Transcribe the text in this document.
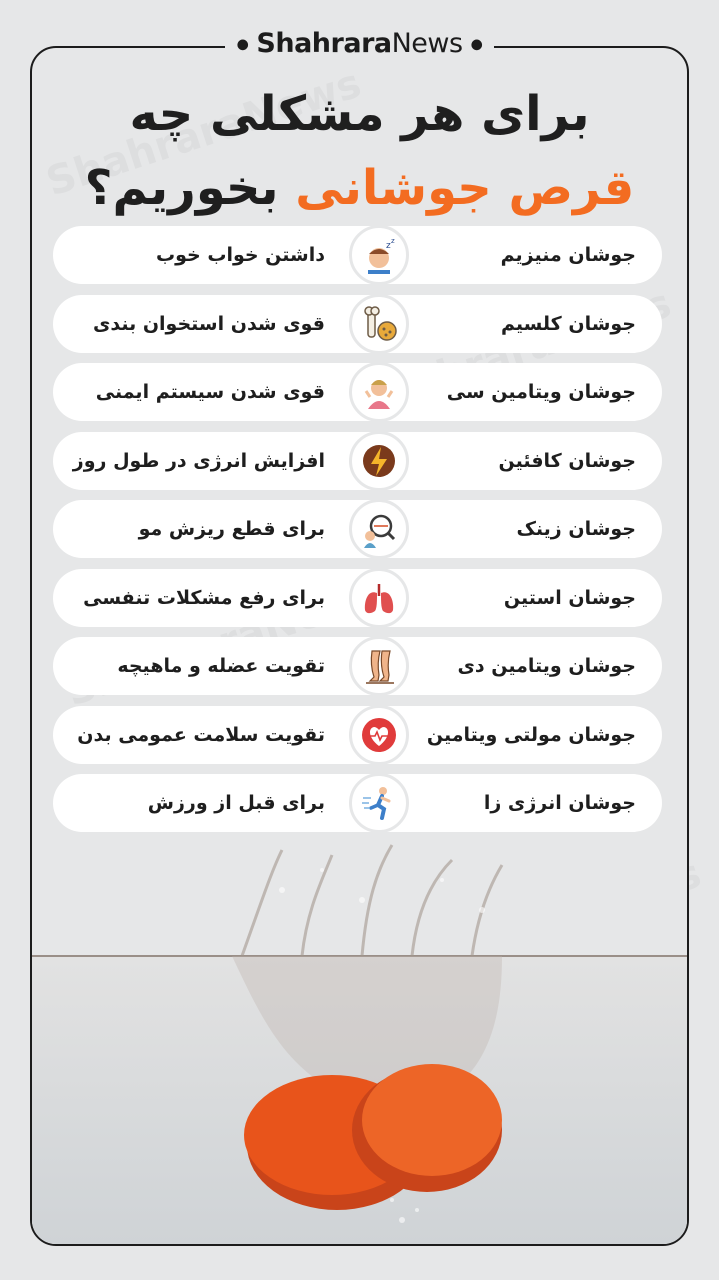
● ShahraraNews ●
برای هر مشکلی چه
قرص جوشانی بخوریم؟
جوشان منیزیم
z z
داشتن خواب خوب
جوشان کلسیم
قوی شدن استخوان بندی
جوشان ویتامین سی
قوی شدن سیستم ایمنی
جوشان کافئین
افزایش انرژی در طول روز
جوشان زینک
برای قطع ریزش مو
جوشان استین
برای رفع مشکلات تنفسی
جوشان ویتامین دی
تقویت عضله و ماهیچه
جوشان مولتی ویتامین
تقویت سلامت عمومی بدن
جوشان انرژی زا
برای قبل از ورزش
